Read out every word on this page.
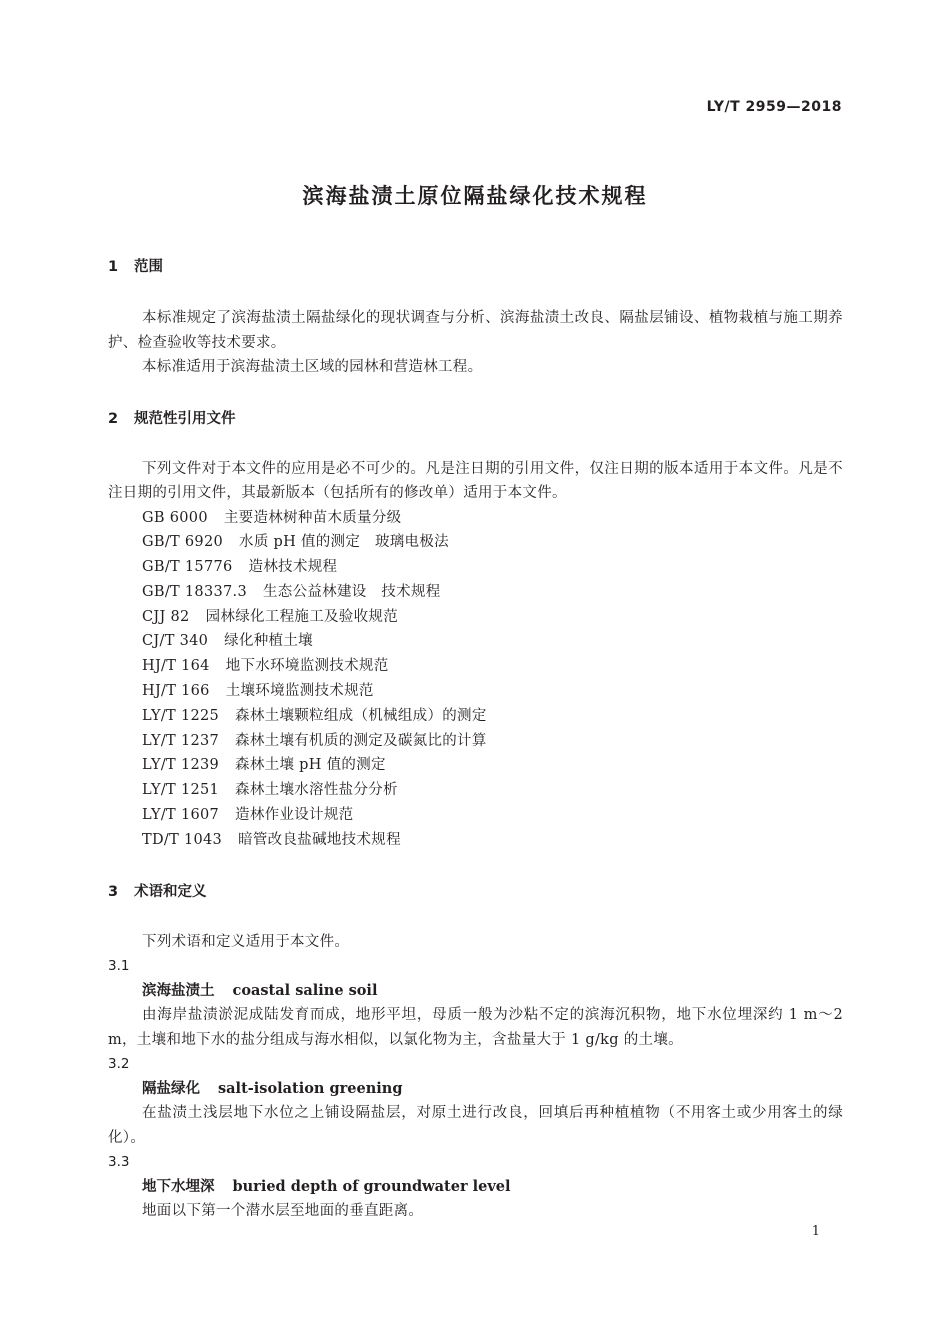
LY/T 2959—2018
滨海盐渍土原位隔盐绿化技术规程
1 范围

本标准规定了滨海盐渍土隔盐绿化的现状调查与分析、滨海盐渍土改良、隔盐层铺设、植物栽植与施工期养护、检查验收等技术要求。

本标准适用于滨海盐渍土区域的园林和营造林工程。

2 规范性引用文件

下列文件对于本文件的应用是必不可少的。凡是注日期的引用文件，仅注日期的版本适用于本文件。凡是不注日期的引用文件，其最新版本（包括所有的修改单）适用于本文件。

GB 6000 主要造林树种苗木质量分级
GB/T 6920 水质 pH 值的测定　玻璃电极法
GB/T 15776 造林技术规程
GB/T 18337.3 生态公益林建设　技术规程
CJJ 82 园林绿化工程施工及验收规范
CJ/T 340 绿化种植土壤
HJ/T 164 地下水环境监测技术规范
HJ/T 166 土壤环境监测技术规范
LY/T 1225 森林土壤颗粒组成（机械组成）的测定
LY/T 1237 森林土壤有机质的测定及碳氮比的计算
LY/T 1239 森林土壤 pH 值的测定
LY/T 1251 森林土壤水溶性盐分分析
LY/T 1607 造林作业设计规范
TD/T 1043 暗管改良盐碱地技术规程
3 术语和定义

下列术语和定义适用于本文件。

3.1

滨海盐渍土 coastal saline soil

由海岸盐渍淤泥成陆发育而成，地形平坦，母质一般为沙粘不定的滨海沉积物，地下水位埋深约 1 m～2 m，土壤和地下水的盐分组成与海水相似，以氯化物为主，含盐量大于 1 g/kg 的土壤。

3.2

隔盐绿化 salt-isolation greening

在盐渍土浅层地下水位之上铺设隔盐层，对原土进行改良，回填后再种植植物（不用客土或少用客土的绿化）。

3.3

地下水埋深 buried depth of groundwater level

地面以下第一个潜水层至地面的垂直距离。

1
